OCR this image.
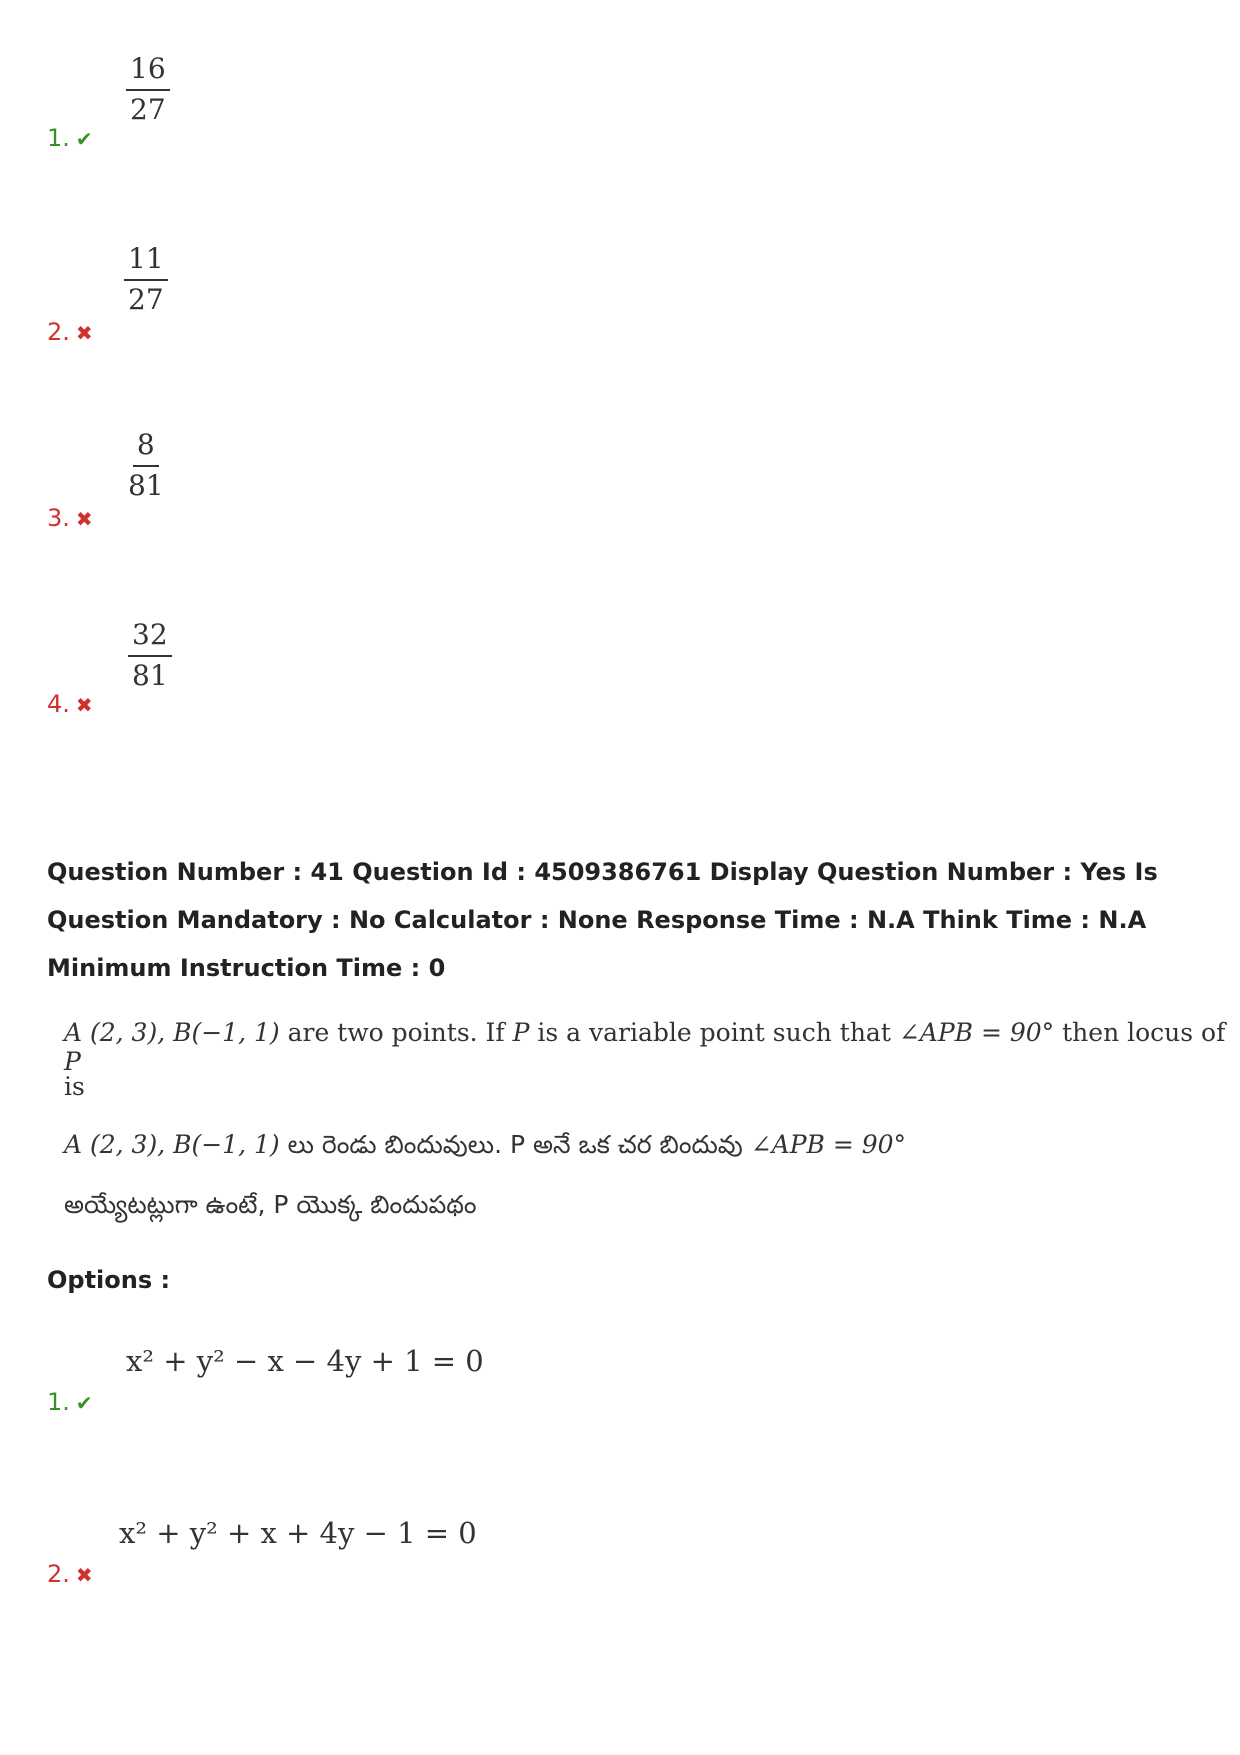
$\frac{16}{27}$
1. ✔
$\frac{11}{27}$
2. ✖
$\frac{8}{81}$
3. ✖
$\frac{32}{81}$
4. ✖
Question Number : 41 Question Id : 4509386761 Display Question Number : Yes Is Question Mandatory : No Calculator : None Response Time : N.A Think Time : N.A Minimum Instruction Time : 0
A (2, 3), B(−1, 1) are two points. If P is a variable point such that ∠APB = 90° then locus of P
is
A (2, 3), B(−1, 1) లు రెండు బిందువులు. P అనే ఒక చర బిందువు ∠APB = 90°
అయ్యేటట్లుగా ఉంటే, P యొక్క బిందుపథం
Options :
x² + y² − x − 4y + 1 = 0
1. ✔
x² + y² + x + 4y − 1 = 0
2. ✖
